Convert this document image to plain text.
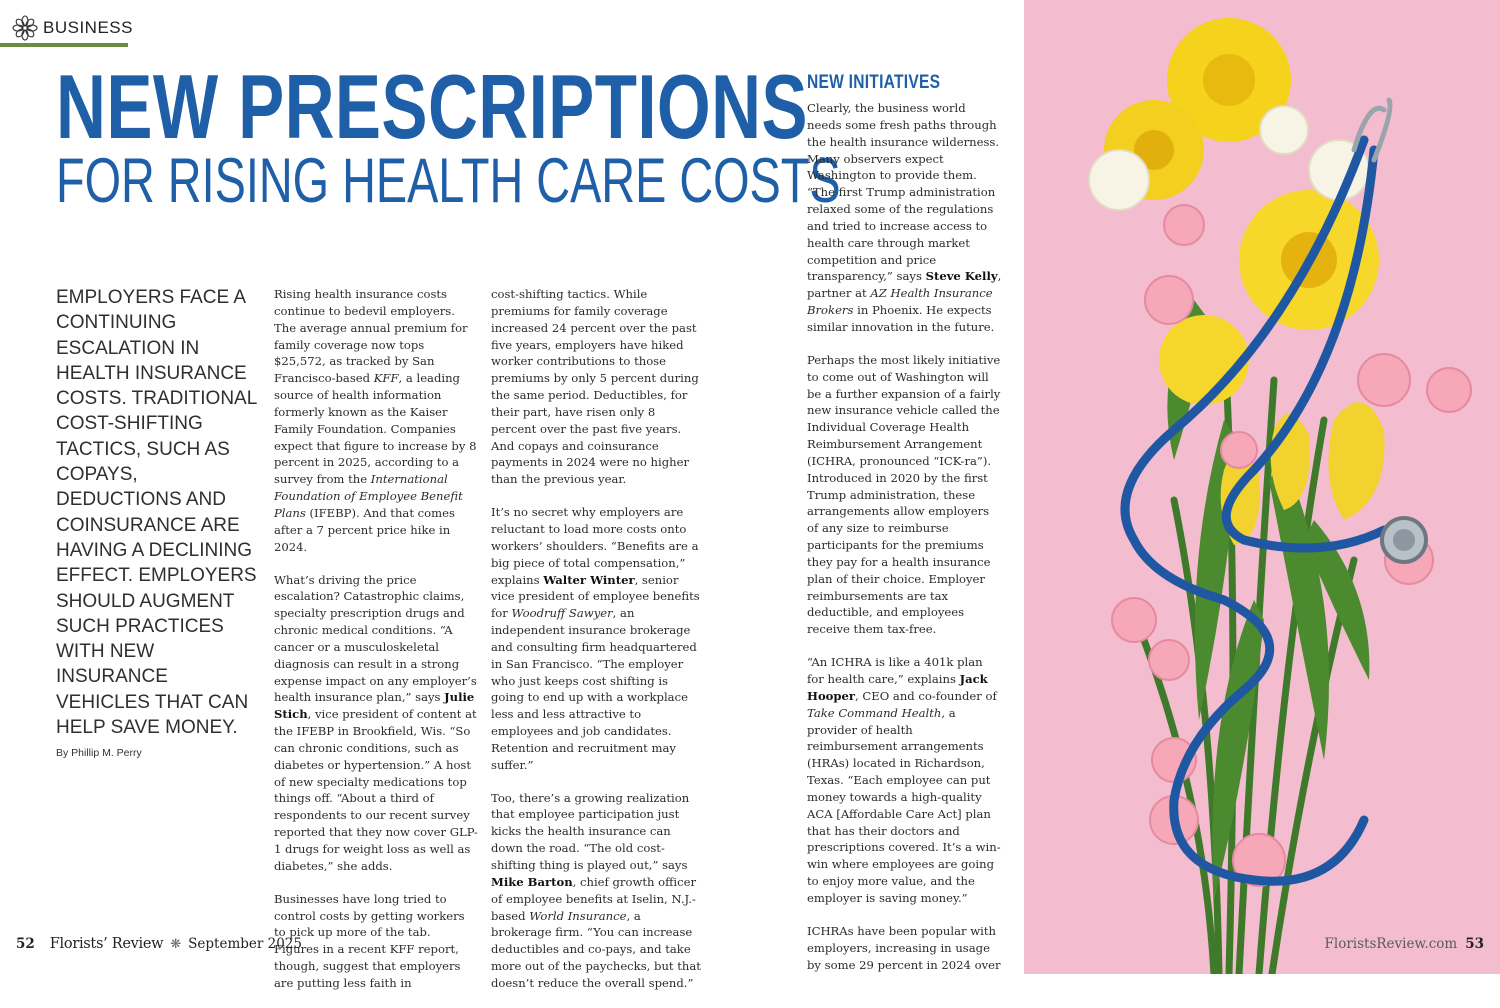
BUSINESS
NEW PRESCRIPTIONS
FOR RISING HEALTH CARE COSTS

EMPLOYERS FACE A CONTINUING ESCALATION IN HEALTH INSURANCE COSTS. TRADITIONAL COST-SHIFTING TACTICS, SUCH AS COPAYS, DEDUCTIONS AND COINSURANCE ARE HAVING A DECLINING EFFECT. EMPLOYERS SHOULD AUGMENT SUCH PRACTICES WITH NEW INSURANCE VEHICLES THAT CAN HELP SAVE MONEY.

By Phillip M. Perry

Rising health insurance costs continue to bedevil employers. The average annual premium for family coverage now tops $25,572, as tracked by San Francisco-based KFF, a leading source of health information formerly known as the Kaiser Family Foundation. Companies expect that figure to increase by 8 percent in 2025, according to a survey from the International Foundation of Employee Benefit Plans (IFEBP). And that comes after a 7 percent price hike in 2024.

What’s driving the price escalation? Catastrophic claims, specialty prescription drugs and chronic medical conditions. “A cancer or a musculoskeletal diagnosis can result in a strong expense impact on any employer’s health insurance plan,” says Julie Stich, vice president of content at the IFEBP in Brookfield, Wis. “So can chronic conditions, such as diabetes or hypertension.” A host of new specialty medications top things off. “About a third of respondents to our recent survey reported that they now cover GLP-1 drugs for weight loss as well as diabetes,” she adds.

Businesses have long tried to control costs by getting workers to pick up more of the tab. Figures in a recent KFF report, though, suggest that employers are putting less faith in

cost-shifting tactics. While premiums for family coverage increased 24 percent over the past five years, employers have hiked worker contributions to those premiums by only 5 percent during the same period. Deductibles, for their part, have risen only 8 percent over the past five years. And copays and coinsurance payments in 2024 were no higher than the previous year.

It’s no secret why employers are reluctant to load more costs onto workers’ shoulders. “Benefits are a big piece of total compensation,” explains Walter Winter, senior vice president of employee benefits for Woodruff Sawyer, an independent insurance brokerage and consulting firm headquartered in San Francisco. “The employer who just keeps cost shifting is going to end up with a workplace less and less attractive to employees and job candidates. Retention and recruitment may suffer.”

Too, there’s a growing realization that employee participation just kicks the health insurance can down the road. “The old cost-shifting thing is played out,” says Mike Barton, chief growth officer of employee benefits at Iselin, N.J.-based World Insurance, a brokerage firm. “You can increase deductibles and co-pays, and take more out of the paychecks, but that doesn’t reduce the overall spend.”

NEW INITIATIVES

Clearly, the business world needs some fresh paths through the health insurance wilderness. Many observers expect Washington to provide them. “The first Trump administration relaxed some of the regulations and tried to increase access to health care through market competition and price transparency,” says Steve Kelly, partner at AZ Health Insurance Brokers in Phoenix. He expects similar innovation in the future.

Perhaps the most likely initiative to come out of Washington will be a further expansion of a fairly new insurance vehicle called the Individual Coverage Health Reimbursement Arrangement (ICHRA, pronounced “ICK-ra”). Introduced in 2020 by the first Trump administration, these arrangements allow employers of any size to reimburse participants for the premiums they pay for a health insurance plan of their choice. Employer reimbursements are tax deductible, and employees receive them tax-free.

“An ICHRA is like a 401k plan for health care,” explains Jack Hooper, CEO and co-founder of Take Command Health, a provider of health reimbursement arrangements (HRAs) located in Richardson, Texas. “Each employee can put money towards a high-quality ACA [Affordable Care Act] plan that has their doctors and prescriptions covered. It’s a win-win where employees are going to enjoy more value, and the employer is saving money.”

ICHRAs have been popular with employers, increasing in usage by some 29 percent in 2024 over

52 Florists’ Review ❋ September 2025	FloristsReview.com 53
